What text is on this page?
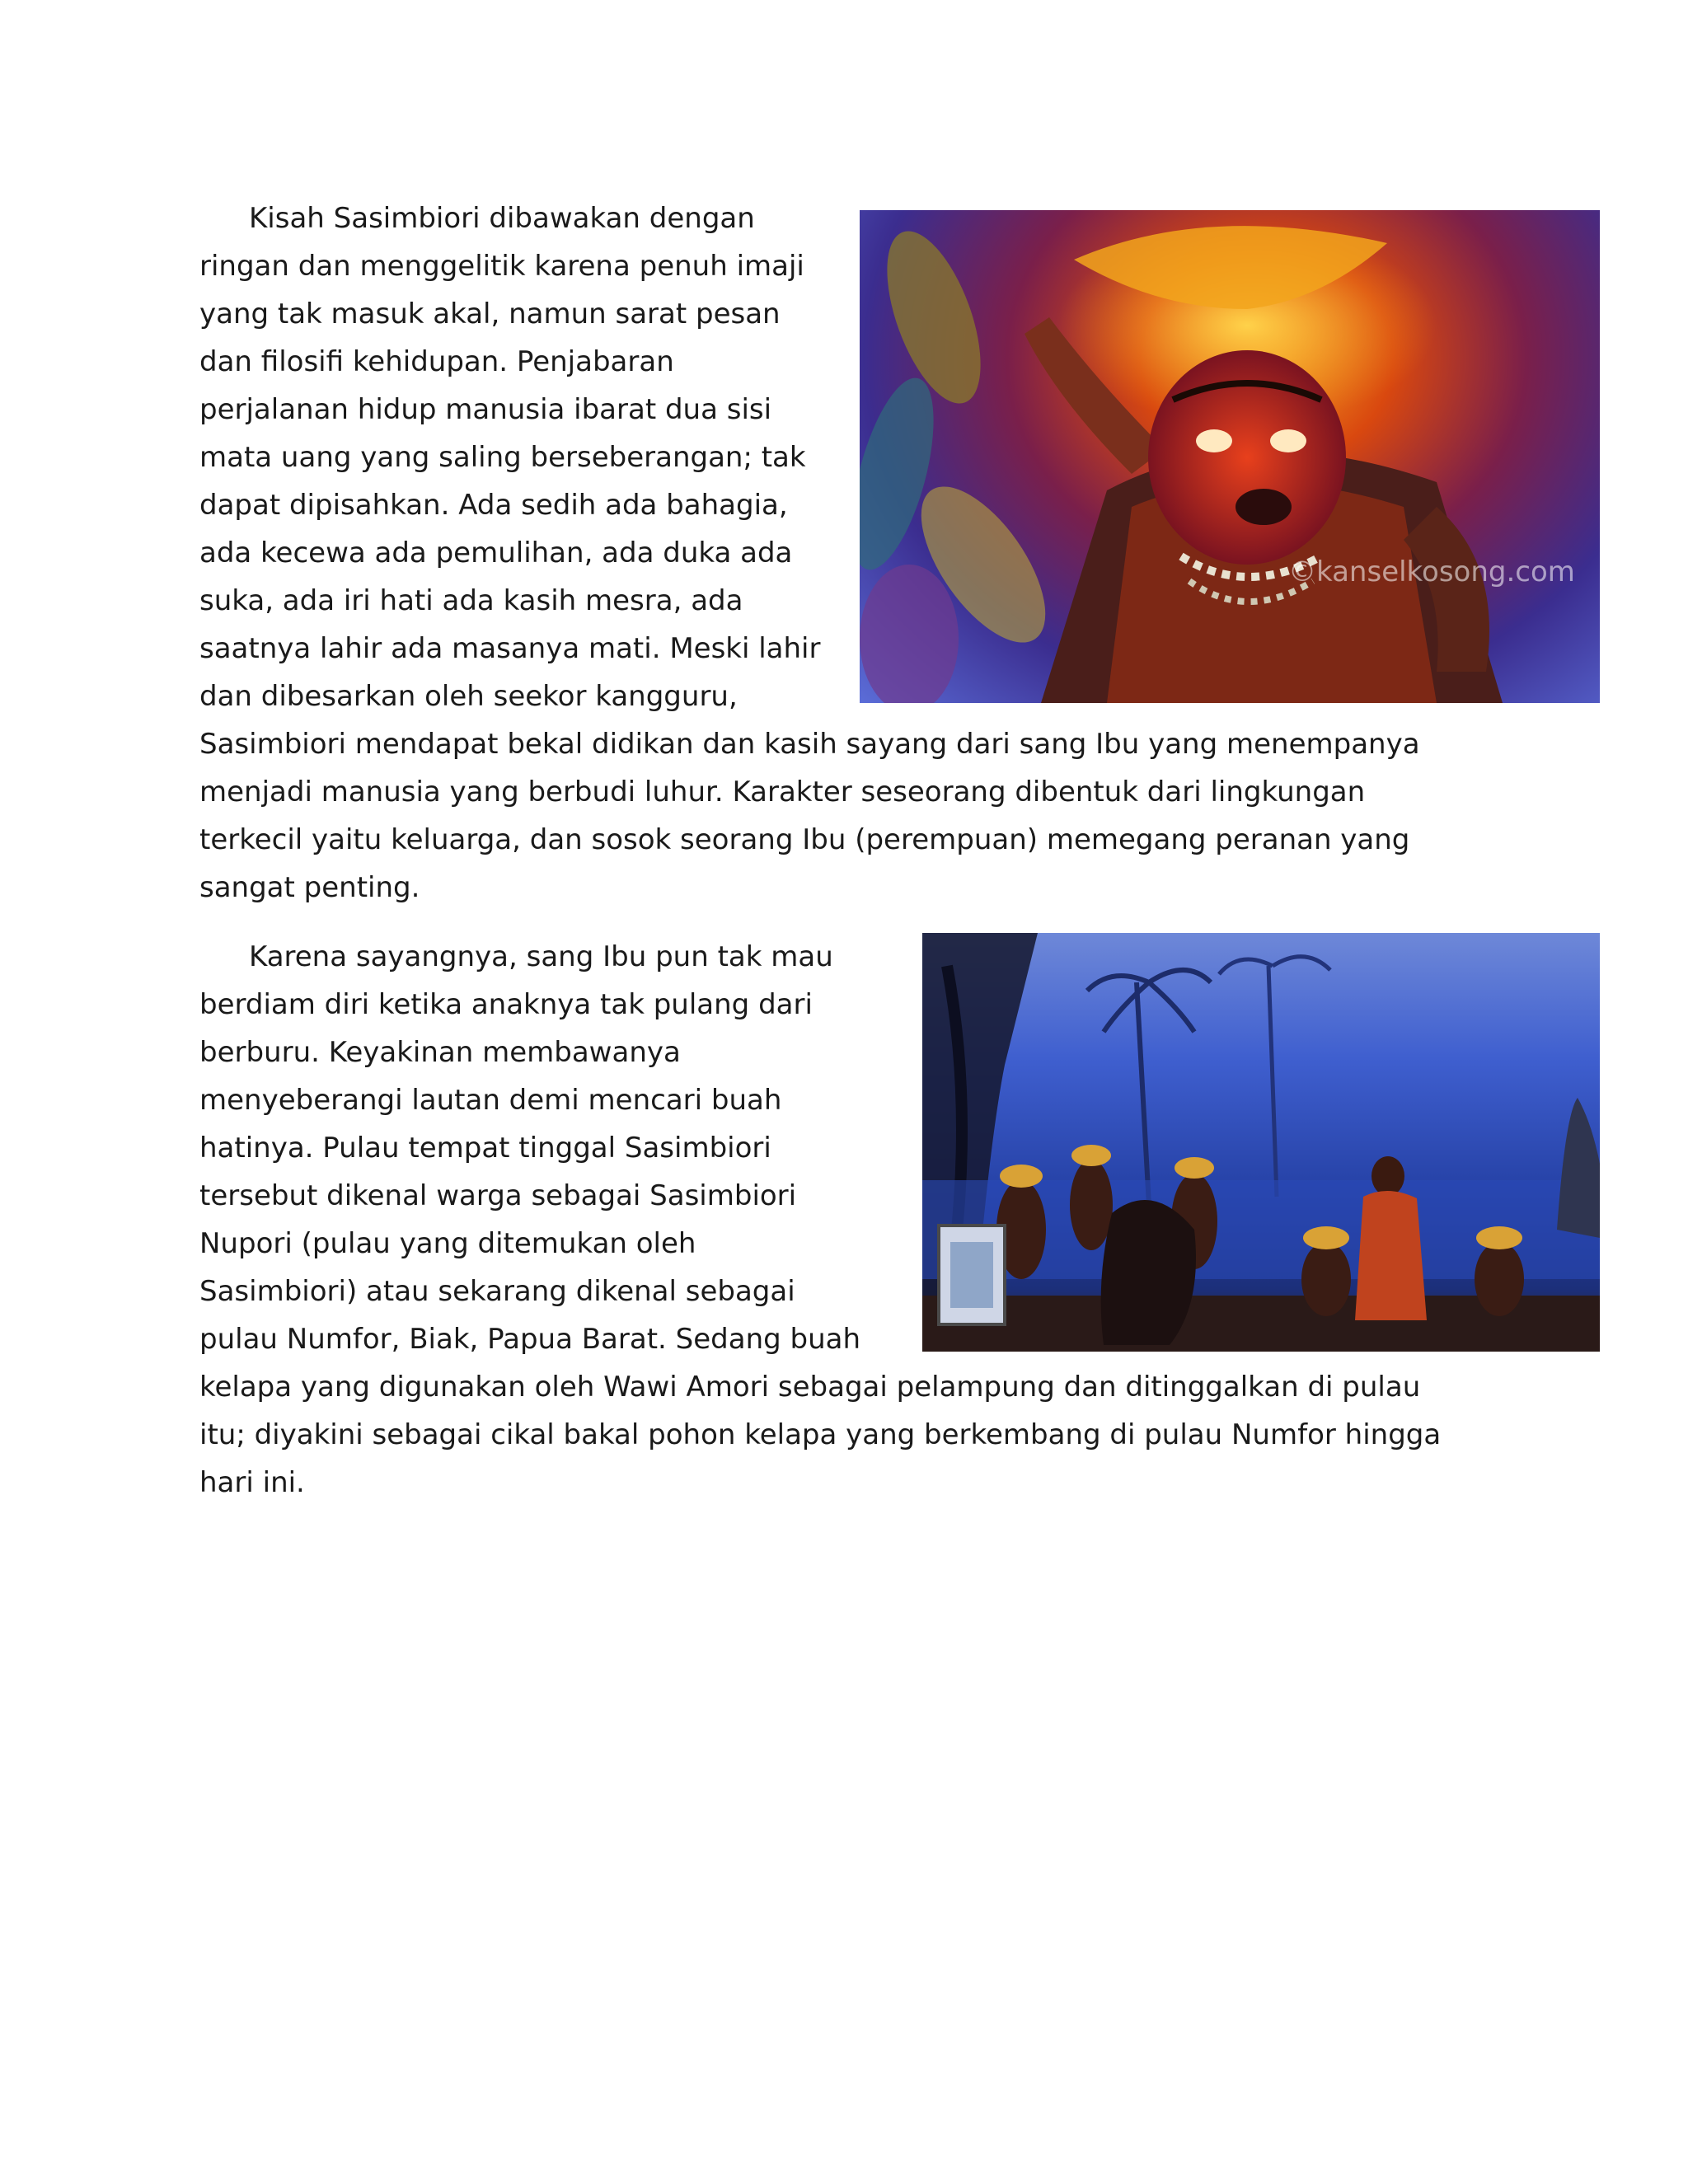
Kisah Sasimbiori dibawakan dengan
ringan dan menggelitik karena penuh imaji
yang tak masuk akal, namun sarat pesan
dan filosifi kehidupan. Penjabaran
perjalanan hidup manusia ibarat dua sisi
mata uang yang saling berseberangan; tak
dapat dipisahkan. Ada sedih ada bahagia,
ada kecewa ada pemulihan, ada duka ada
suka, ada iri hati ada kasih mesra, ada
saatnya lahir ada masanya mati. Meski lahir
dan dibesarkan oleh seekor kangguru,
Sasimbiori mendapat bekal didikan dan kasih sayang dari sang Ibu yang menempanya
menjadi manusia yang berbudi luhur. Karakter seseorang dibentuk dari lingkungan
terkecil yaitu keluarga, dan sosok seorang Ibu (perempuan) memegang peranan yang
sangat penting.
©kanselkosong.com
Karena sayangnya, sang Ibu pun tak mau
berdiam diri ketika anaknya tak pulang dari
berburu. Keyakinan membawanya
menyeberangi lautan demi mencari buah
hatinya. Pulau tempat tinggal Sasimbiori
tersebut dikenal warga sebagai Sasimbiori
Nupori (pulau yang ditemukan oleh
Sasimbiori) atau sekarang dikenal sebagai
pulau Numfor, Biak, Papua Barat. Sedang buah
kelapa yang digunakan oleh Wawi Amori sebagai pelampung dan ditinggalkan di pulau
itu; diyakini sebagai cikal bakal pohon kelapa yang berkembang di pulau Numfor hingga
hari ini.
